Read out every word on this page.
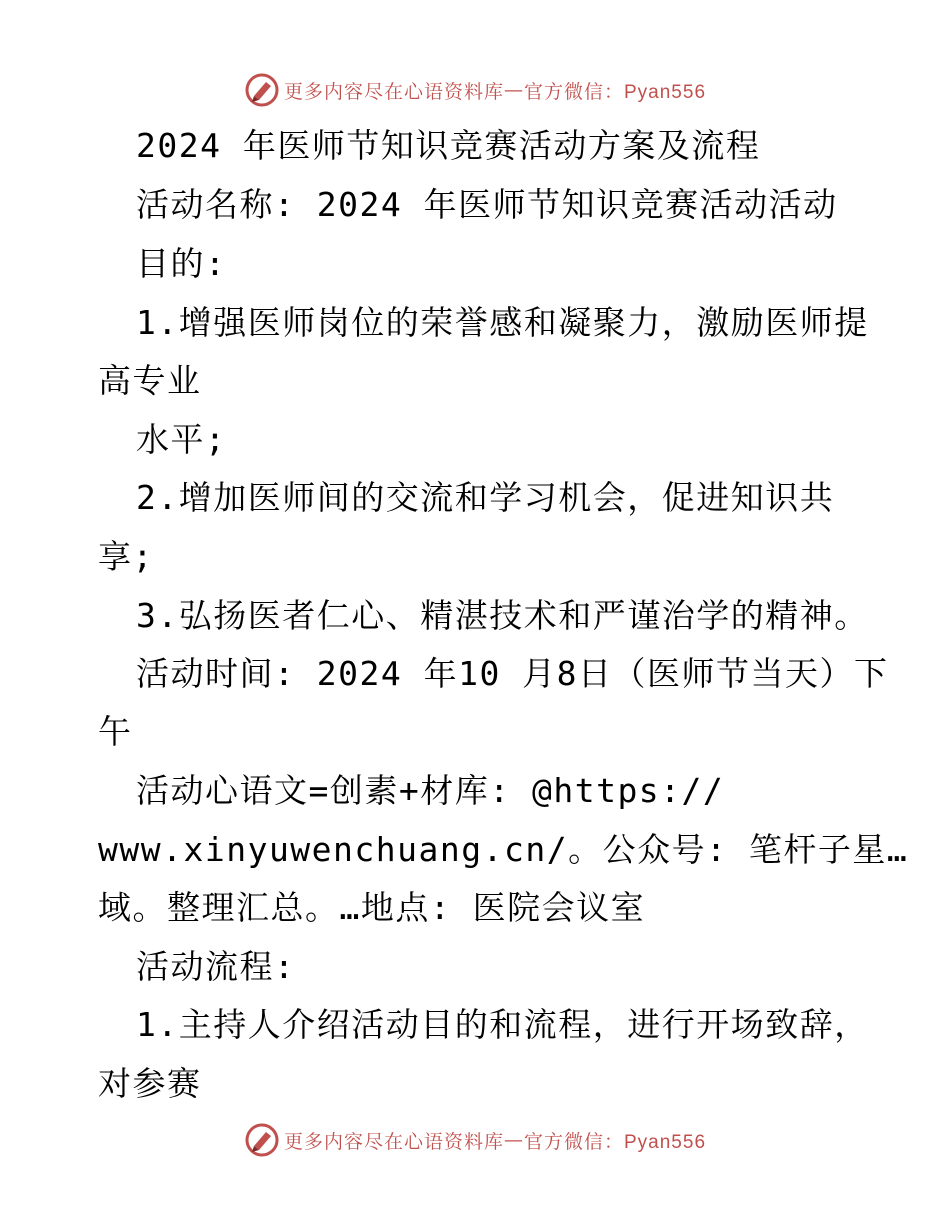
更多内容尽在心语资料库 — 官方微信：Pyan556
2024 年医师节知识竞赛活动方案及流程
活动名称: 2024 年医师节知识竞赛活动活动
目的:
1.增强医师岗位的荣誉感和凝聚力，激励医师提
高专业
水平;
2.增加医师间的交流和学习机会，促进知识共
享;
3.弘扬医者仁心、精湛技术和严谨治学的精神。
活动时间: 2024 年10 月8日（医师节当天）下
午
活动心语文=创素+材库: @https://
www.xinyuwenchuang.cn/。公众号: 笔杆子星…
域。整理汇总。…地点: 医院会议室
活动流程:
1.主持人介绍活动目的和流程，进行开场致辞，
对参赛
更多内容尽在心语资料库 — 官方微信：Pyan556
